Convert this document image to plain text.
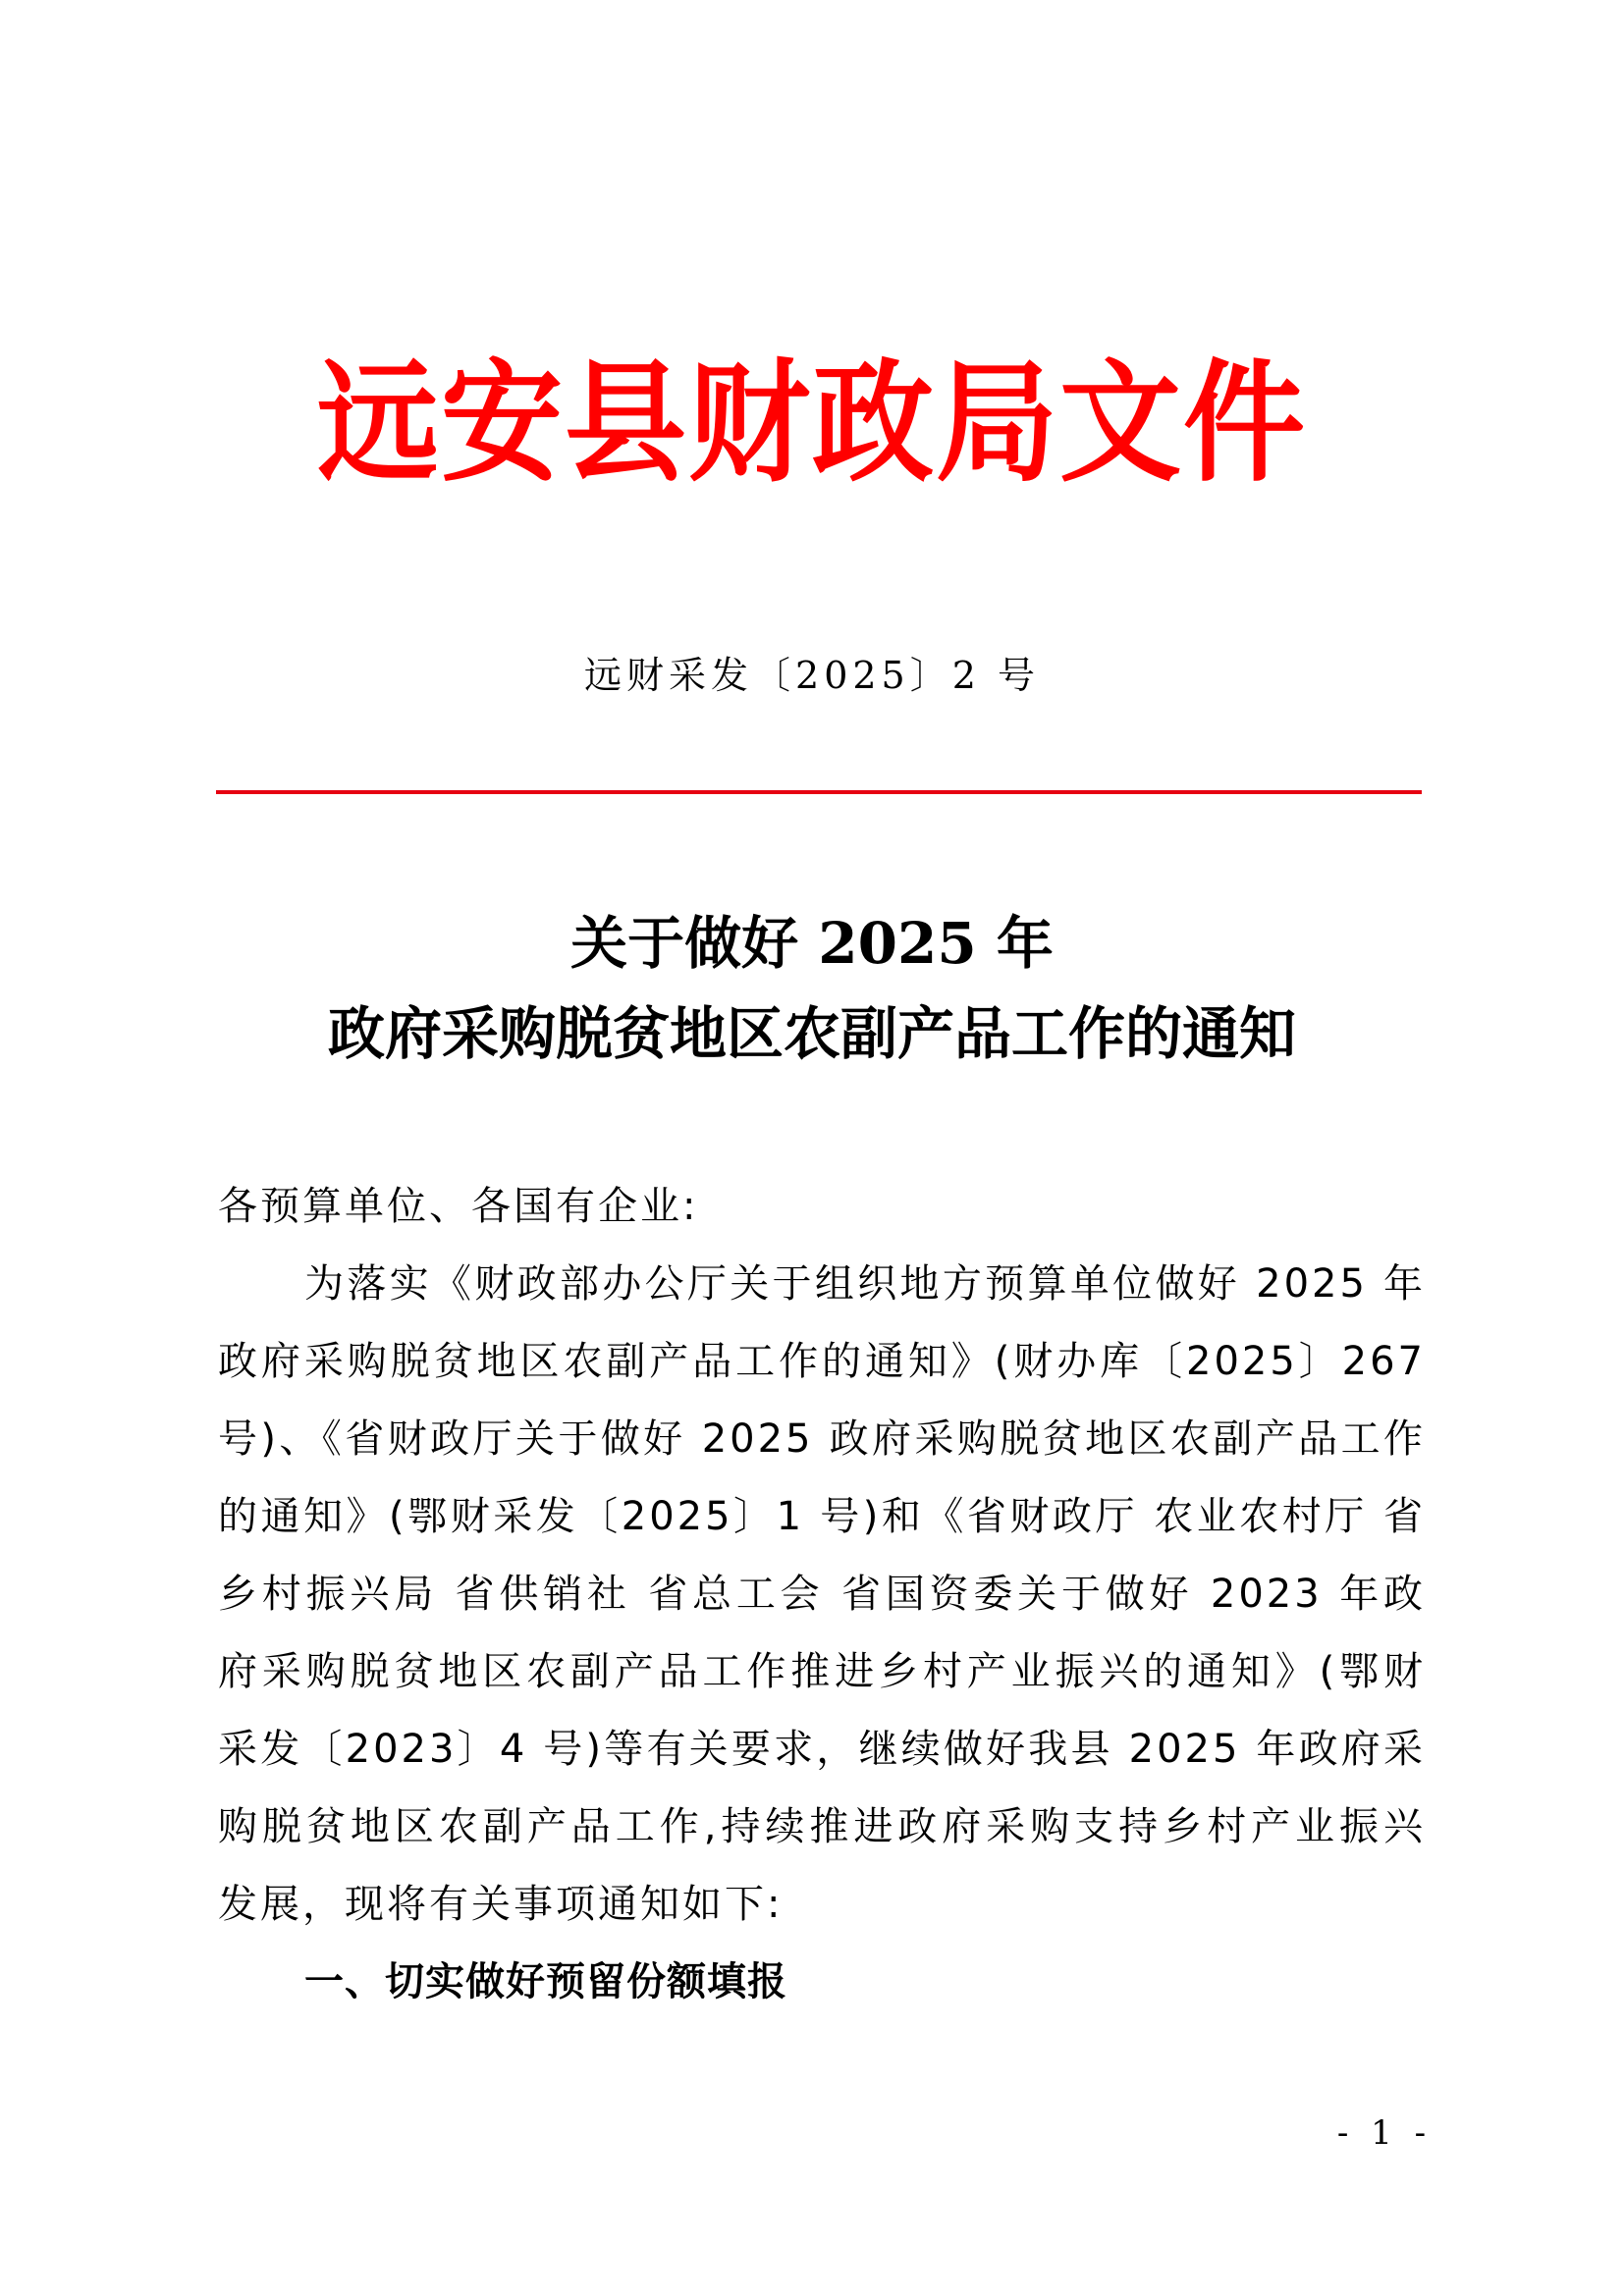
远安县财政局文件
远财采发〔2025〕2 号
关于做好 2025 年
政府采购脱贫地区农副产品工作的通知
各预算单位、各国有企业:
为落实《财政部办公厅关于组织地方预算单位做好 2025 年
政府采购脱贫地区农副产品工作的通知》(财办库〔2025〕267
号)、《省财政厅关于做好 2025 政府采购脱贫地区农副产品工作
的通知》(鄂财采发〔2025〕1 号)和《省财政厅 农业农村厅 省
乡村振兴局 省供销社 省总工会 省国资委关于做好 2023 年政
府采购脱贫地区农副产品工作推进乡村产业振兴的通知》(鄂财
采发〔2023〕4 号)等有关要求，继续做好我县 2025 年政府采
购脱贫地区农副产品工作,持续推进政府采购支持乡村产业振兴
发展，现将有关事项通知如下:
一、切实做好预留份额填报
- 1 -
